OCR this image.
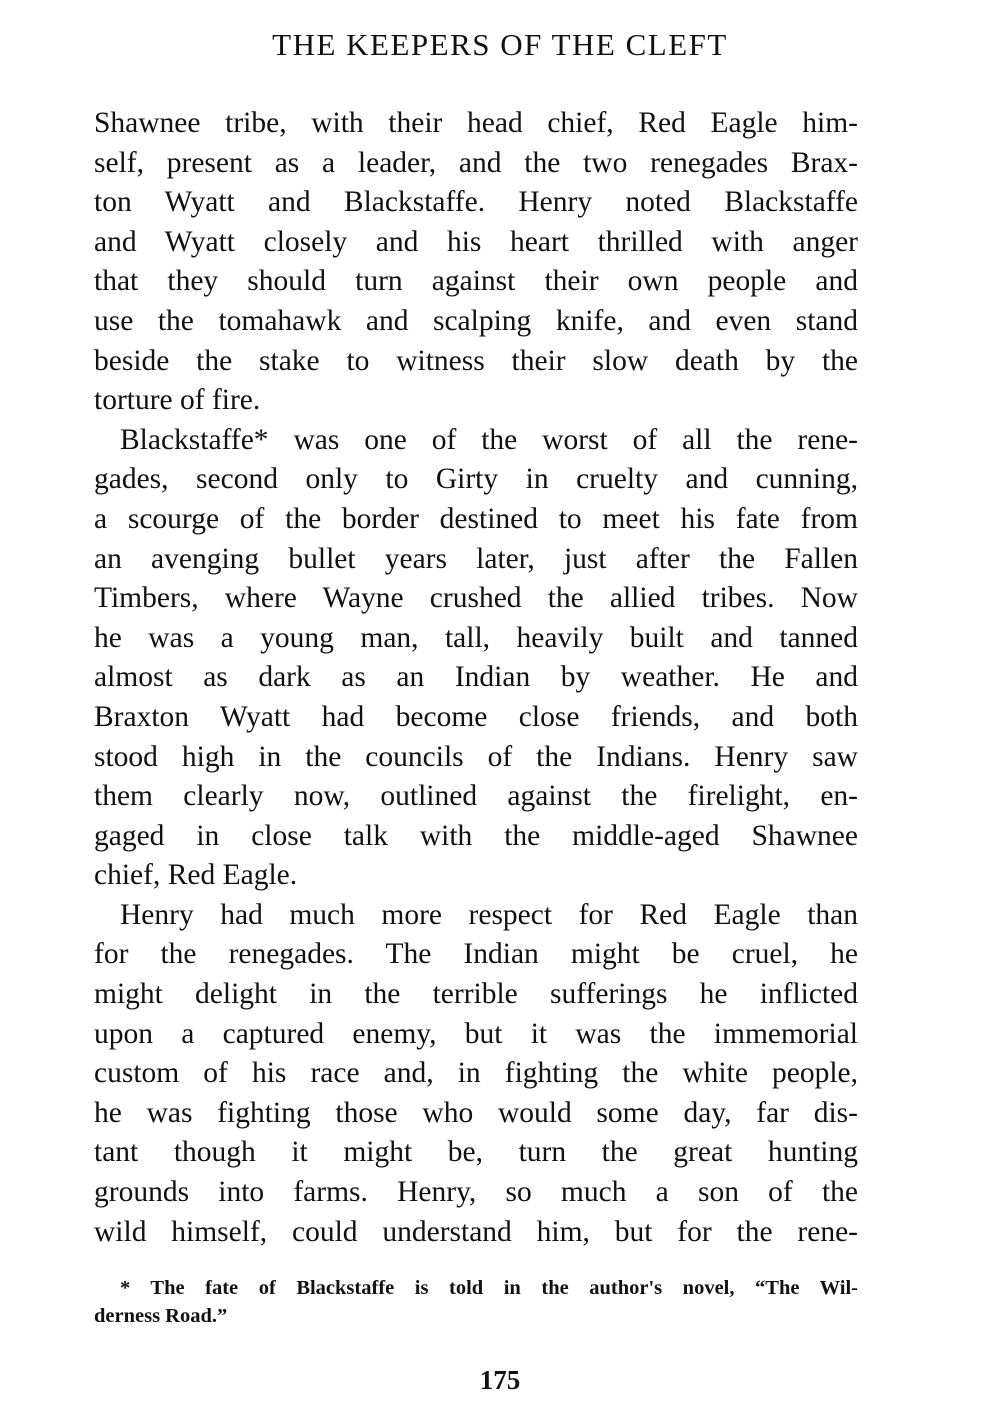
THE KEEPERS OF THE CLEFT
Shawnee tribe, with their head chief, Red Eagle him-
self, present as a leader, and the two renegades Brax-
ton Wyatt and Blackstaffe. Henry noted Blackstaffe
and Wyatt closely and his heart thrilled with anger
that they should turn against their own people and
use the tomahawk and scalping knife, and even stand
beside the stake to witness their slow death by the
torture of fire.
Blackstaffe* was one of the worst of all the rene-
gades, second only to Girty in cruelty and cunning,
a scourge of the border destined to meet his fate from
an avenging bullet years later, just after the Fallen
Timbers, where Wayne crushed the allied tribes. Now
he was a young man, tall, heavily built and tanned
almost as dark as an Indian by weather. He and
Braxton Wyatt had become close friends, and both
stood high in the councils of the Indians. Henry saw
them clearly now, outlined against the firelight, en-
gaged in close talk with the middle-aged Shawnee
chief, Red Eagle.
Henry had much more respect for Red Eagle than
for the renegades. The Indian might be cruel, he
might delight in the terrible sufferings he inflicted
upon a captured enemy, but it was the immemorial
custom of his race and, in fighting the white people,
he was fighting those who would some day, far dis-
tant though it might be, turn the great hunting
grounds into farms. Henry, so much a son of the
wild himself, could understand him, but for the rene-
* The fate of Blackstaffe is told in the author's novel, “The Wil-
derness Road.”
175
